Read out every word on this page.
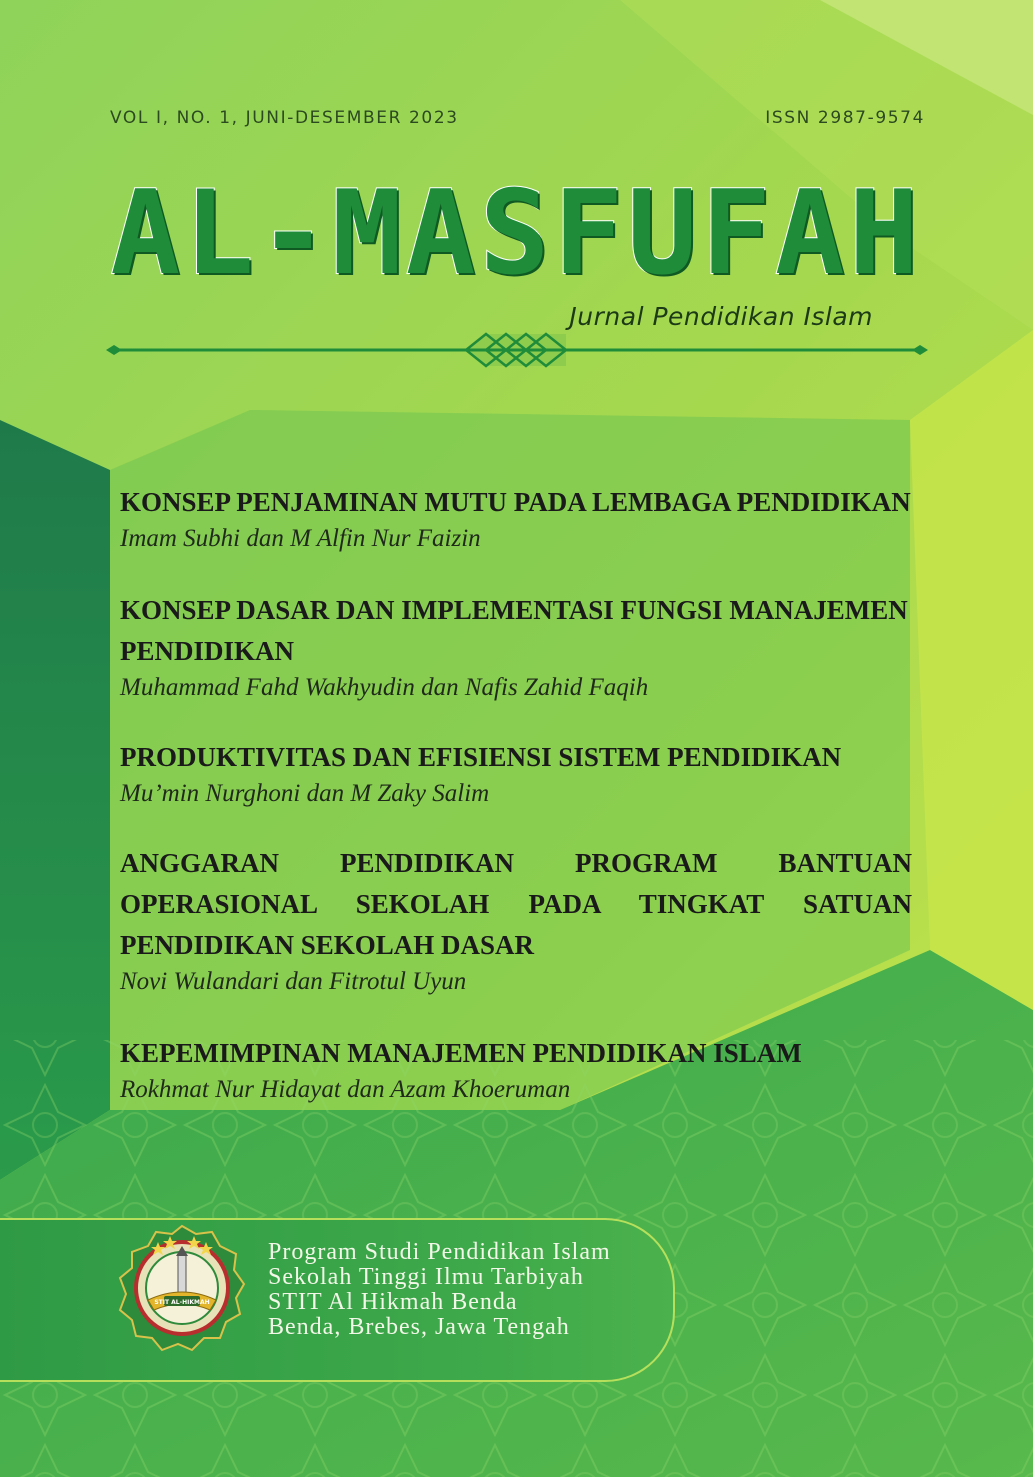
VOL I, NO. 1, JUNI-DESEMBER 2023	ISSN 2987-9574
AL-MASFUFAH
Jurnal Pendidikan Islam

KONSEP PENJAMINAN MUTU PADA LEMBAGA PENDIDIKAN

Imam Subhi dan M Alfin Nur Faizin

KONSEP DASAR DAN IMPLEMENTASI FUNGSI MANAJEMEN

PENDIDIKAN

Muhammad Fahd Wakhyudin dan Nafis Zahid Faqih

PRODUKTIVITAS DAN EFISIENSI SISTEM PENDIDIKAN

Mu’min Nurghoni dan M Zaky Salim

ANGGARAN PENDIDIKAN PROGRAM BANTUAN

OPERASIONAL SEKOLAH PADA TINGKAT SATUAN

PENDIDIKAN SEKOLAH DASAR

Novi Wulandari dan Fitrotul Uyun

KEPEMIMPINAN MANAJEMEN PENDIDIKAN ISLAM

Rokhmat Nur Hidayat dan Azam Khoeruman

STIT AL-HIKMAH
Program Studi Pendidikan Islam
Sekolah Tinggi Ilmu Tarbiyah
STIT Al Hikmah Benda
Benda, Brebes, Jawa Tengah
